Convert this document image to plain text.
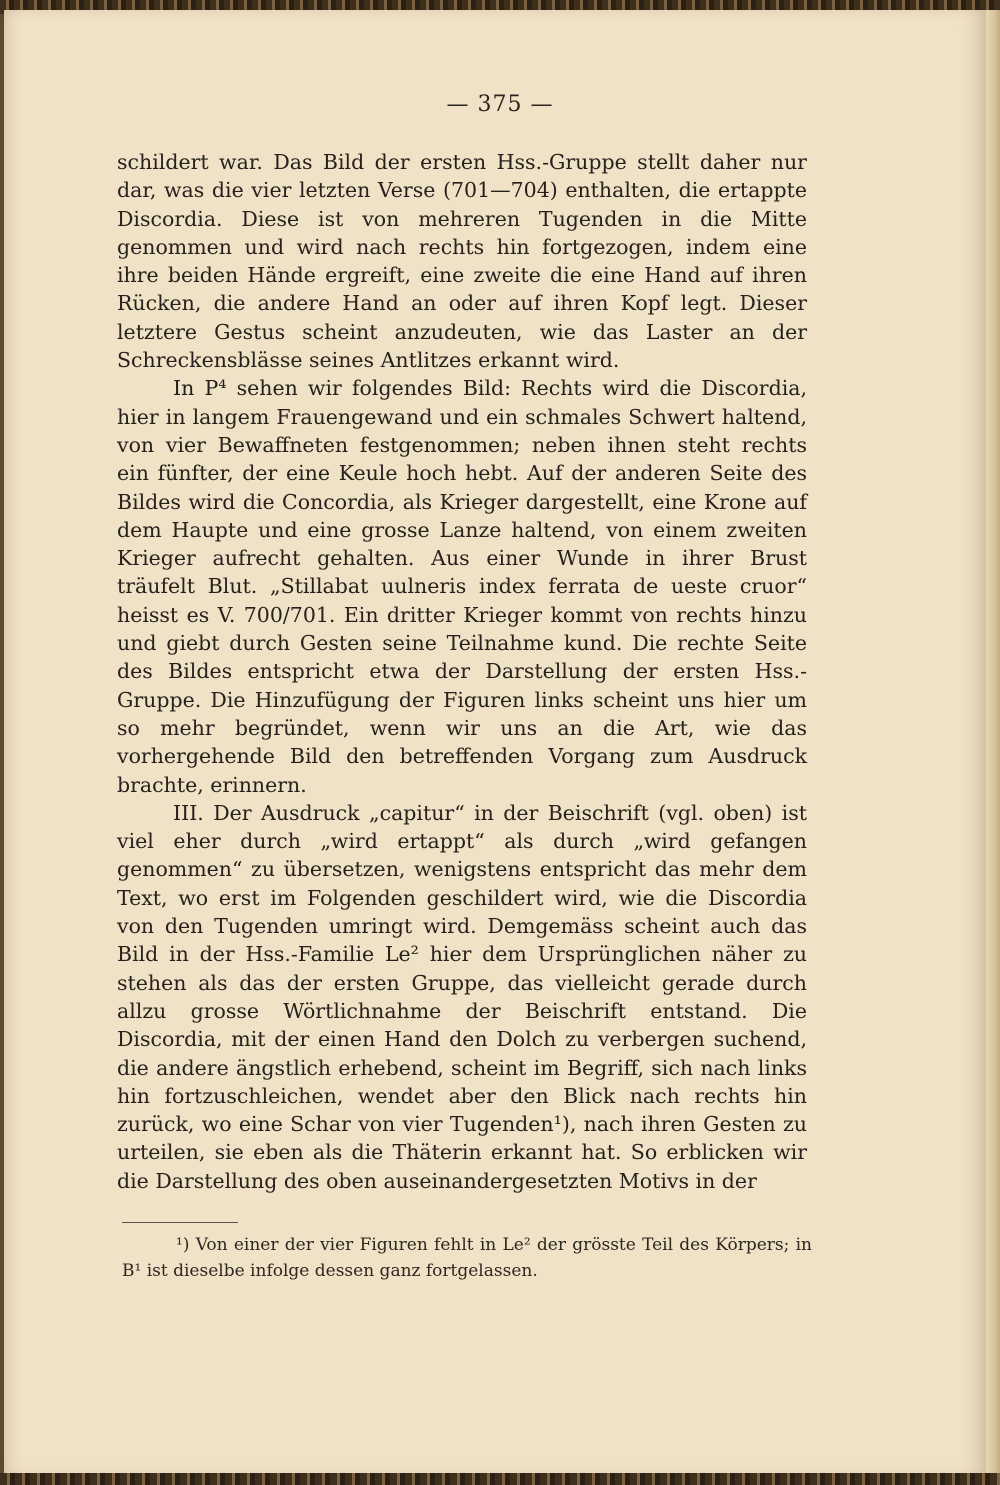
— 375 —

schildert war. Das Bild der ersten Hss.-Gruppe stellt daher nur dar, was die vier letzten Verse (701—704) enthalten, die ertappte Discordia. Diese ist von mehreren Tugenden in die Mitte genommen und wird nach rechts hin fortgezogen, indem eine ihre beiden Hände ergreift, eine zweite die eine Hand auf ihren Rücken, die andere Hand an oder auf ihren Kopf legt. Dieser letztere Gestus scheint anzudeuten, wie das Laster an der Schreckensblässe seines Antlitzes erkannt wird.

In P⁴ sehen wir folgendes Bild: Rechts wird die Discordia, hier in langem Frauengewand und ein schmales Schwert haltend, von vier Bewaffneten festgenommen; neben ihnen steht rechts ein fünfter, der eine Keule hoch hebt. Auf der anderen Seite des Bildes wird die Concordia, als Krieger dargestellt, eine Krone auf dem Haupte und eine grosse Lanze haltend, von einem zweiten Krieger aufrecht gehalten. Aus einer Wunde in ihrer Brust träufelt Blut. „Stillabat uulneris index ferrata de ueste cruor“ heisst es V. 700/701. Ein dritter Krieger kommt von rechts hinzu und giebt durch Gesten seine Teilnahme kund. Die rechte Seite des Bildes entspricht etwa der Darstellung der ersten Hss.-Gruppe. Die Hinzufügung der Figuren links scheint uns hier um so mehr begründet, wenn wir uns an die Art, wie das vorhergehende Bild den betreffenden Vorgang zum Ausdruck brachte, erinnern.

III. Der Ausdruck „capitur“ in der Beischrift (vgl. oben) ist viel eher durch „wird ertappt“ als durch „wird gefangen genommen“ zu übersetzen, wenigstens entspricht das mehr dem Text, wo erst im Folgenden geschildert wird, wie die Discordia von den Tugenden umringt wird. Demgemäss scheint auch das Bild in der Hss.-Familie Le² hier dem Ursprünglichen näher zu stehen als das der ersten Gruppe, das vielleicht gerade durch allzu grosse Wörtlichnahme der Beischrift entstand. Die Discordia, mit der einen Hand den Dolch zu verbergen suchend, die andere ängstlich erhebend, scheint im Begriff, sich nach links hin fortzuschleichen, wendet aber den Blick nach rechts hin zurück, wo eine Schar von vier Tugenden¹), nach ihren Gesten zu urteilen, sie eben als die Thäterin erkannt hat. So erblicken wir die Darstellung des oben auseinandergesetzten Motivs in der

¹) Von einer der vier Figuren fehlt in Le² der grösste Teil des Körpers; in B¹ ist dieselbe infolge dessen ganz fortgelassen.
